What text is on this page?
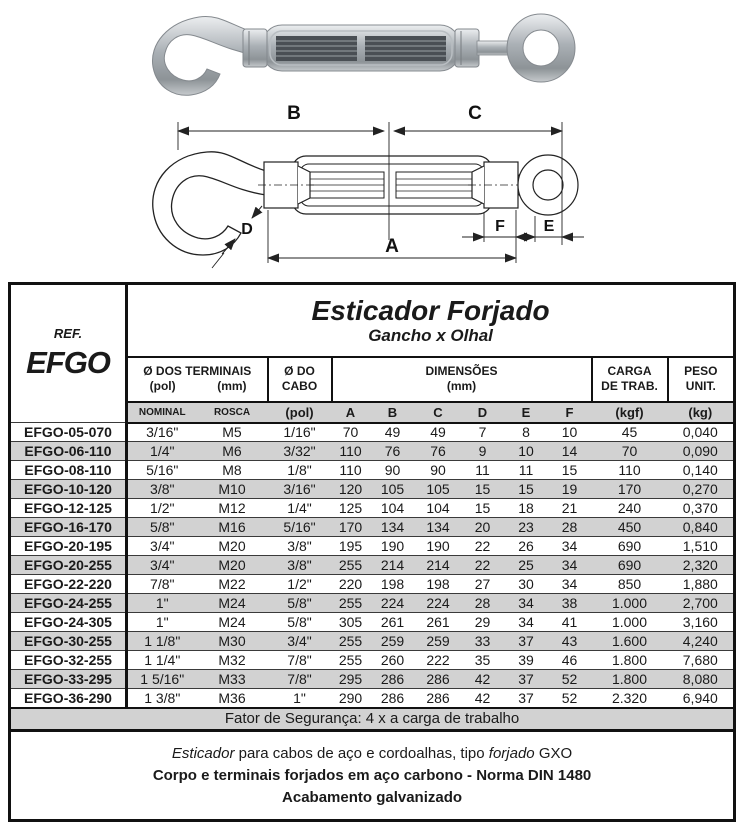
B	C
A
D	F E
REF.
EFGO

Esticador Forjado
Gancho x Olhal

Ø DOS TERMINAIS
(pol)	(mm)

Ø DO
CABO

DIMENSÕES
(mm)

CARGA
DE TRAB.

PESO
UNIT.

	NOMINAL	ROSCA	(pol)	A	B	C	D	E	F	(kgf)	(kg)
EFGO-05-070	3/16"	M5	1/16"	70	49	49	7	8	10	45	0,040
EFGO-06-110	1/4"	M6	3/32"	110	76	76	9	10	14	70	0,090
EFGO-08-110	5/16"	M8	1/8"	110	90	90	11	11	15	110	0,140
EFGO-10-120	3/8"	M10	3/16"	120	105	105	15	15	19	170	0,270
EFGO-12-125	1/2"	M12	1/4"	125	104	104	15	18	21	240	0,370
EFGO-16-170	5/8"	M16	5/16"	170	134	134	20	23	28	450	0,840
EFGO-20-195	3/4"	M20	3/8"	195	190	190	22	26	34	690	1,510
EFGO-20-255	3/4"	M20	3/8"	255	214	214	22	25	34	690	2,320
EFGO-22-220	7/8"	M22	1/2"	220	198	198	27	30	34	850	1,880
EFGO-24-255	1"	M24	5/8"	255	224	224	28	34	38	1.000	2,700
EFGO-24-305	1"	M24	5/8"	305	261	261	29	34	41	1.000	3,160
EFGO-30-255	1 1/8"	M30	3/4"	255	259	259	33	37	43	1.600	4,240
EFGO-32-255	1 1/4"	M32	7/8"	255	260	222	35	39	46	1.800	7,680
EFGO-33-295	1 5/16"	M33	7/8"	295	286	286	42	37	52	1.800	8,080
EFGO-36-290	1 3/8"	M36	1"	290	286	286	42	37	52	2.320	6,940
Fator de Segurança: 4 x a carga de trabalho											

Esticador para cabos de aço e cordoalhas, tipo forjado GXO
Corpo e terminais forjados em aço carbono - Norma DIN 1480
Acabamento galvanizado											
